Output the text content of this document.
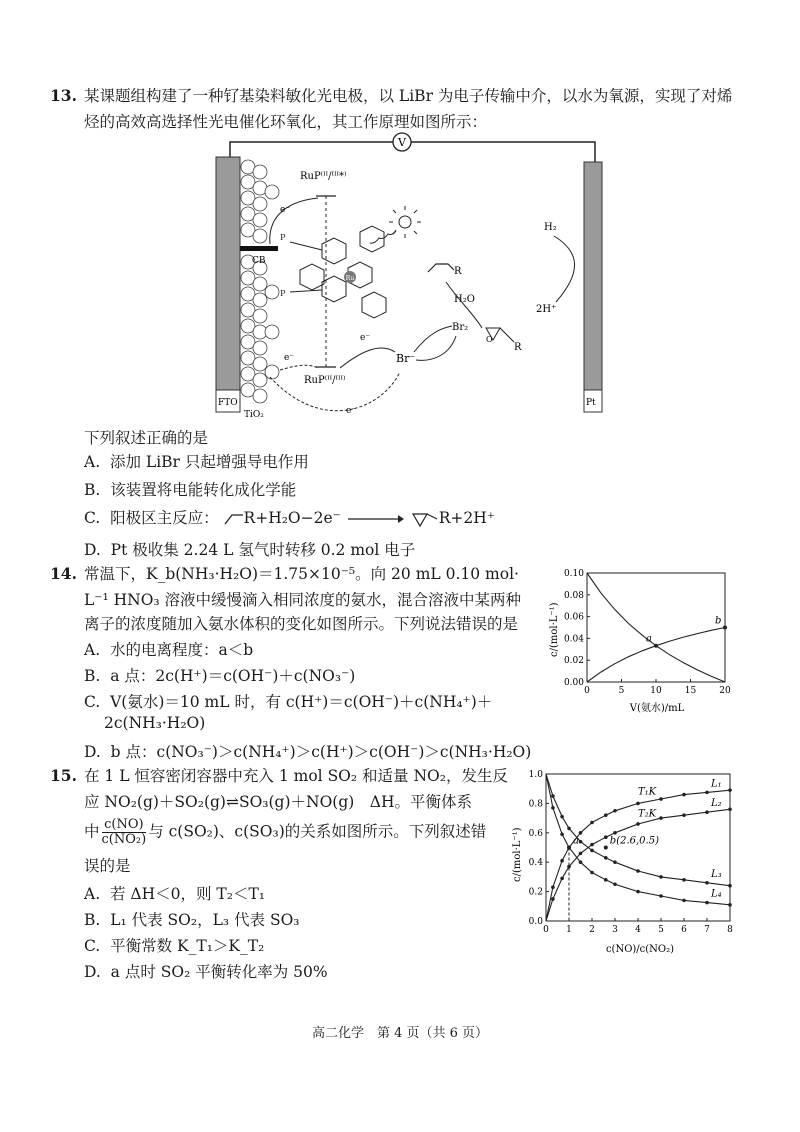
13. 某课题组构建了一种钌基染料敏化光电极，以 LiBr 为电子传输中介，以水为氧源，实现了对烯
烃的高效高选择性光电催化环氧化，其工作原理如图所示：
V
FTO
CB
TiO₂
P
P
Ru
RuP⁽ᴵᴵ/ᴵᴵᴵ*⁾
RuP⁽ᴵᴵ/ᴵᴵᴵ⁾
e⁻
e⁻
e⁻
e⁻
Br⁻
Br₂
R
H₂O
O
R
Pt
H₂
2H⁺
下列叙述正确的是
A. 添加 LiBr 只起增强导电作用
B. 该装置将电能转化成化学能
C. 阳极区主反应： R+H₂O−2e⁻	R+2H⁺
D. Pt 极收集 2.24 L 氢气时转移 0.2 mol 电子
14. 常温下，K_b(NH₃·H₂O)＝1.75×10⁻⁵。向 20 mL 0.10 mol·
L⁻¹ HNO₃ 溶液中缓慢滴入相同浓度的氨水，混合溶液中某两种
离子的浓度随加入氨水体积的变化如图所示。下列说法错误的是
A. 水的电离程度：a＜b
B. a 点：2c(H⁺)＝c(OH⁻)＋c(NO₃⁻)
C. V(氨水)＝10 mL 时，有 c(H⁺)＝c(OH⁻)＋c(NH₄⁺)＋
2c(NH₃·H₂O)
D. b 点：c(NO₃⁻)＞c(NH₄⁺)＞c(H⁺)＞c(OH⁻)＞c(NH₃·H₂O)
c/(mol·L⁻¹)
V(氨水)/mL
0	5	10	15	20
0.00
0.02
0.04
0.06
0.08
0.10
a
b
15. 在 1 L 恒容密闭容器中充入 1 mol SO₂ 和适量 NO₂，发生反
应 NO₂(g)＋SO₂(g)⇌SO₃(g)＋NO(g)　ΔH。平衡体系
中 $\frac{c(NO)}{\text{c(NO₂)}}$ 与 c(SO₂)、c(SO₃)的关系如图所示。下列叙述错
误的是
A. 若 ΔH＜0，则 T₂＜T₁
B. L₁ 代表 SO₂，L₃ 代表 SO₃
C. 平衡常数 K_T₁＞K_T₂
D. a 点时 SO₂ 平衡转化率为 50%
c/(mol·L⁻¹)
c(NO)/c(NO₂)
0 1 2 3 4 5 6 7 8
0.0
0.2
0.4
0.6
0.8
1.0
L₁
L₂
L₃
L₄
a	b(2.6,0.5)
T₁K
T₂K
高二化学　第 4 页（共 6 页）
